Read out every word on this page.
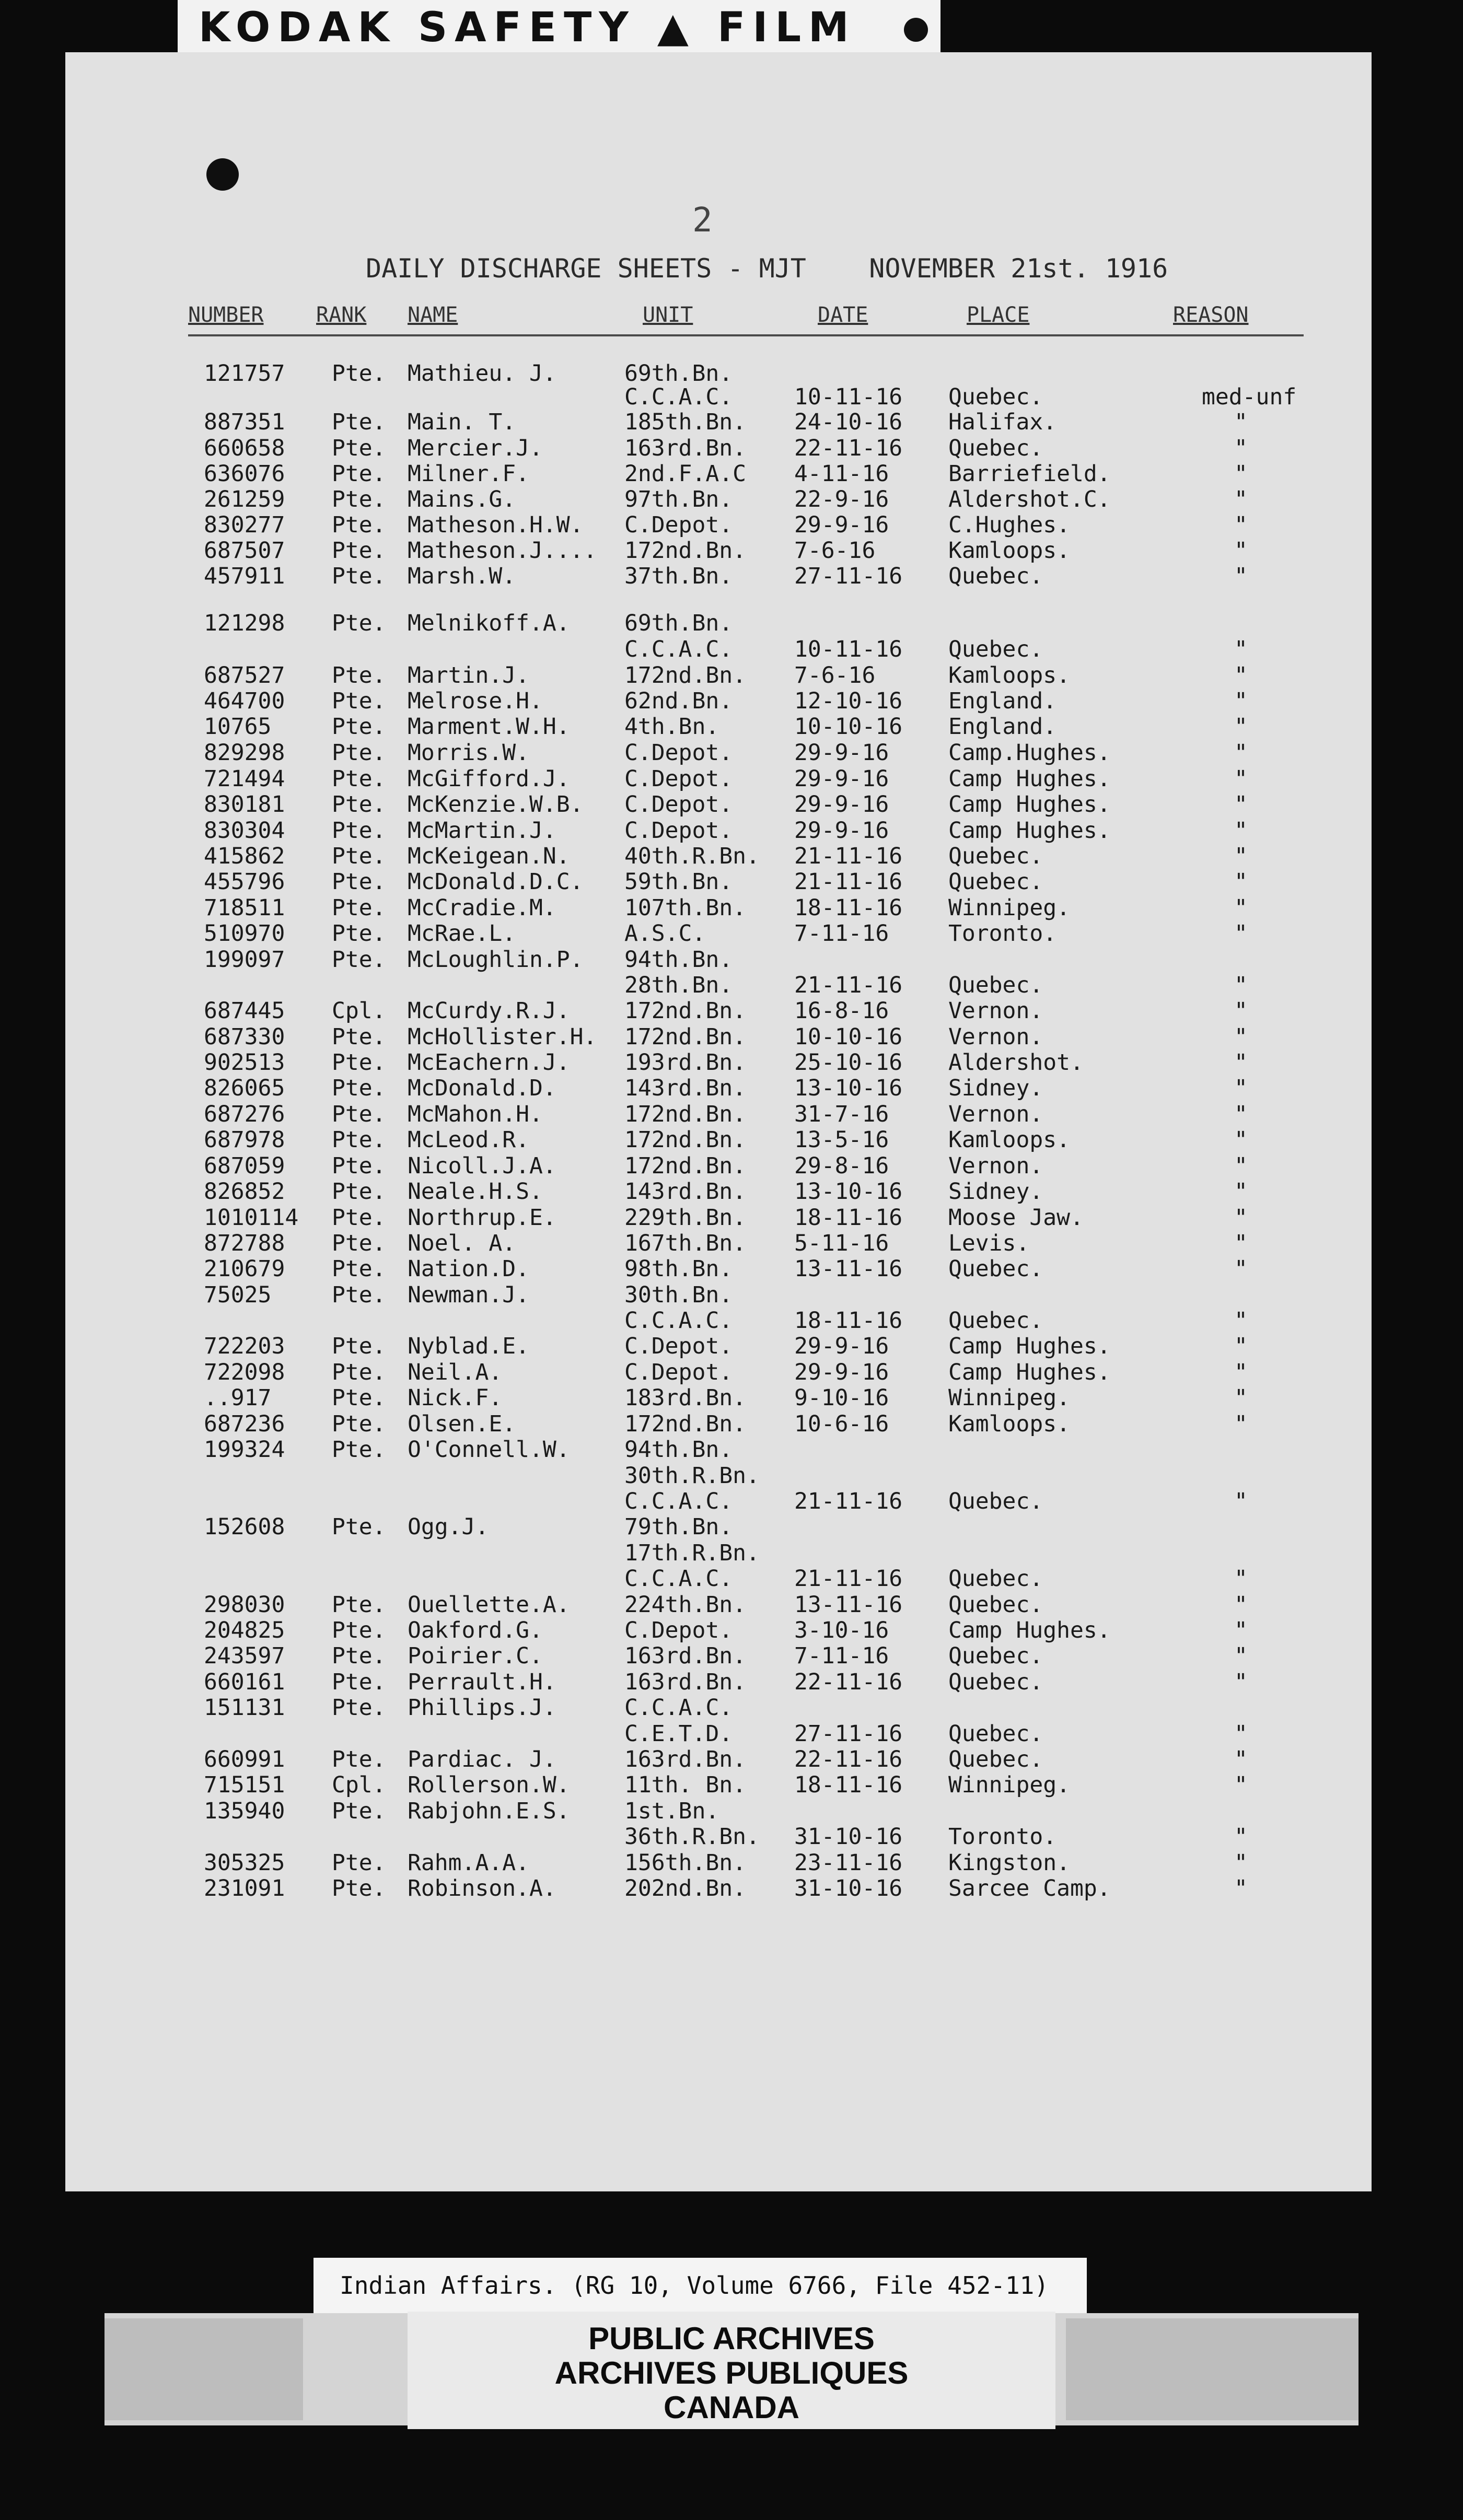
KODAK SAFETY ▲ FILM
2
DAILY DISCHARGE SHEETS - MJT    NOVEMBER 21st. 1916
NUMBER	RANK NAME	UNIT	DATE	PLACE	REASON
121757 Pte. Mathieu. J.	69th.Bn.
C.C.A.C.	10-11-16 Quebec.	med-unf
887351 Pte. Main. T.	185th.Bn. 24-10-16 Halifax.	"
660658 Pte. Mercier.J.	163rd.Bn. 22-11-16 Quebec.	"
636076 Pte. Milner.F.	2nd.F.A.C 4-11-16	Barriefield.	"
261259 Pte. Mains.G.	97th.Bn.	22-9-16	Aldershot.C.	"
830277 Pte. Matheson.H.W. C.Depot.	29-9-16	C.Hughes.	"
687507 Pte. Matheson.J.... 172nd.Bn. 7-6-16	Kamloops.	"
457911 Pte. Marsh.W.	37th.Bn.	27-11-16 Quebec.	"
121298 Pte. Melnikoff.A. 69th.Bn.
C.C.A.C.	10-11-16 Quebec.	"
687527 Pte. Martin.J.	172nd.Bn. 7-6-16	Kamloops.	"
464700 Pte. Melrose.H.	62nd.Bn.	12-10-16 England.	"
10765	Pte. Marment.W.H. 4th.Bn.	10-10-16 England.	"
829298 Pte. Morris.W.	C.Depot.	29-9-16	Camp.Hughes.	"
721494 Pte. McGifford.J. C.Depot.	29-9-16	Camp Hughes.	"
830181 Pte. McKenzie.W.B. C.Depot.	29-9-16	Camp Hughes.	"
830304 Pte. McMartin.J.	C.Depot.	29-9-16	Camp Hughes.	"
415862 Pte. McKeigean.N. 40th.R.Bn. 21-11-16 Quebec.	"
455796 Pte. McDonald.D.C. 59th.Bn.	21-11-16 Quebec.	"
718511 Pte. McCradie.M.	107th.Bn. 18-11-16 Winnipeg.	"
510970 Pte. McRae.L.	A.S.C.	7-11-16	Toronto.	"
199097 Pte. McLoughlin.P. 94th.Bn.
28th.Bn.	21-11-16 Quebec.	"
687445 Cpl. McCurdy.R.J. 172nd.Bn. 16-8-16	Vernon.	"
687330 Pte. McHollister.H. 172nd.Bn. 10-10-16 Vernon.	"
902513 Pte. McEachern.J. 193rd.Bn. 25-10-16 Aldershot.	"
826065 Pte. McDonald.D.	143rd.Bn. 13-10-16 Sidney.	"
687276 Pte. McMahon.H.	172nd.Bn. 31-7-16	Vernon.	"
687978 Pte. McLeod.R.	172nd.Bn. 13-5-16	Kamloops.	"
687059 Pte. Nicoll.J.A.	172nd.Bn. 29-8-16	Vernon.	"
826852 Pte. Neale.H.S.	143rd.Bn. 13-10-16 Sidney.	"
1010114 Pte. Northrup.E.	229th.Bn. 18-11-16 Moose Jaw.	"
872788 Pte. Noel. A.	167th.Bn. 5-11-16	Levis.	"
210679 Pte. Nation.D.	98th.Bn.	13-11-16 Quebec.	"
75025	Pte. Newman.J.	30th.Bn.
C.C.A.C.	18-11-16 Quebec.	"
722203 Pte. Nyblad.E.	C.Depot.	29-9-16	Camp Hughes.	"
722098 Pte. Neil.A.	C.Depot.	29-9-16	Camp Hughes.	"
..917	Pte. Nick.F.	183rd.Bn. 9-10-16	Winnipeg.	"
687236 Pte. Olsen.E.	172nd.Bn. 10-6-16	Kamloops.	"
199324 Pte. O'Connell.W. 94th.Bn.
30th.R.Bn.
C.C.A.C.	21-11-16 Quebec.	"
152608 Pte. Ogg.J.	79th.Bn.
17th.R.Bn.
C.C.A.C.	21-11-16 Quebec.	"
298030 Pte. Ouellette.A. 224th.Bn. 13-11-16 Quebec.	"
204825 Pte. Oakford.G.	C.Depot.	3-10-16	Camp Hughes.	"
243597 Pte. Poirier.C.	163rd.Bn. 7-11-16	Quebec.	"
660161 Pte. Perrault.H.	163rd.Bn. 22-11-16 Quebec.	"
151131 Pte. Phillips.J.	C.C.A.C.
C.E.T.D.	27-11-16 Quebec.	"
660991 Pte. Pardiac. J.	163rd.Bn. 22-11-16 Quebec.	"
715151 Cpl. Rollerson.W. 11th. Bn. 18-11-16 Winnipeg.	"
135940 Pte. Rabjohn.E.S. 1st.Bn.
36th.R.Bn. 31-10-16 Toronto.	"
305325 Pte. Rahm.A.A.	156th.Bn. 23-11-16 Kingston.	"
231091 Pte. Robinson.A.	202nd.Bn. 31-10-16 Sarcee Camp.	"
Indian Affairs. (RG 10, Volume 6766, File 452-11)
PUBLIC ARCHIVES
ARCHIVES PUBLIQUES
CANADA
